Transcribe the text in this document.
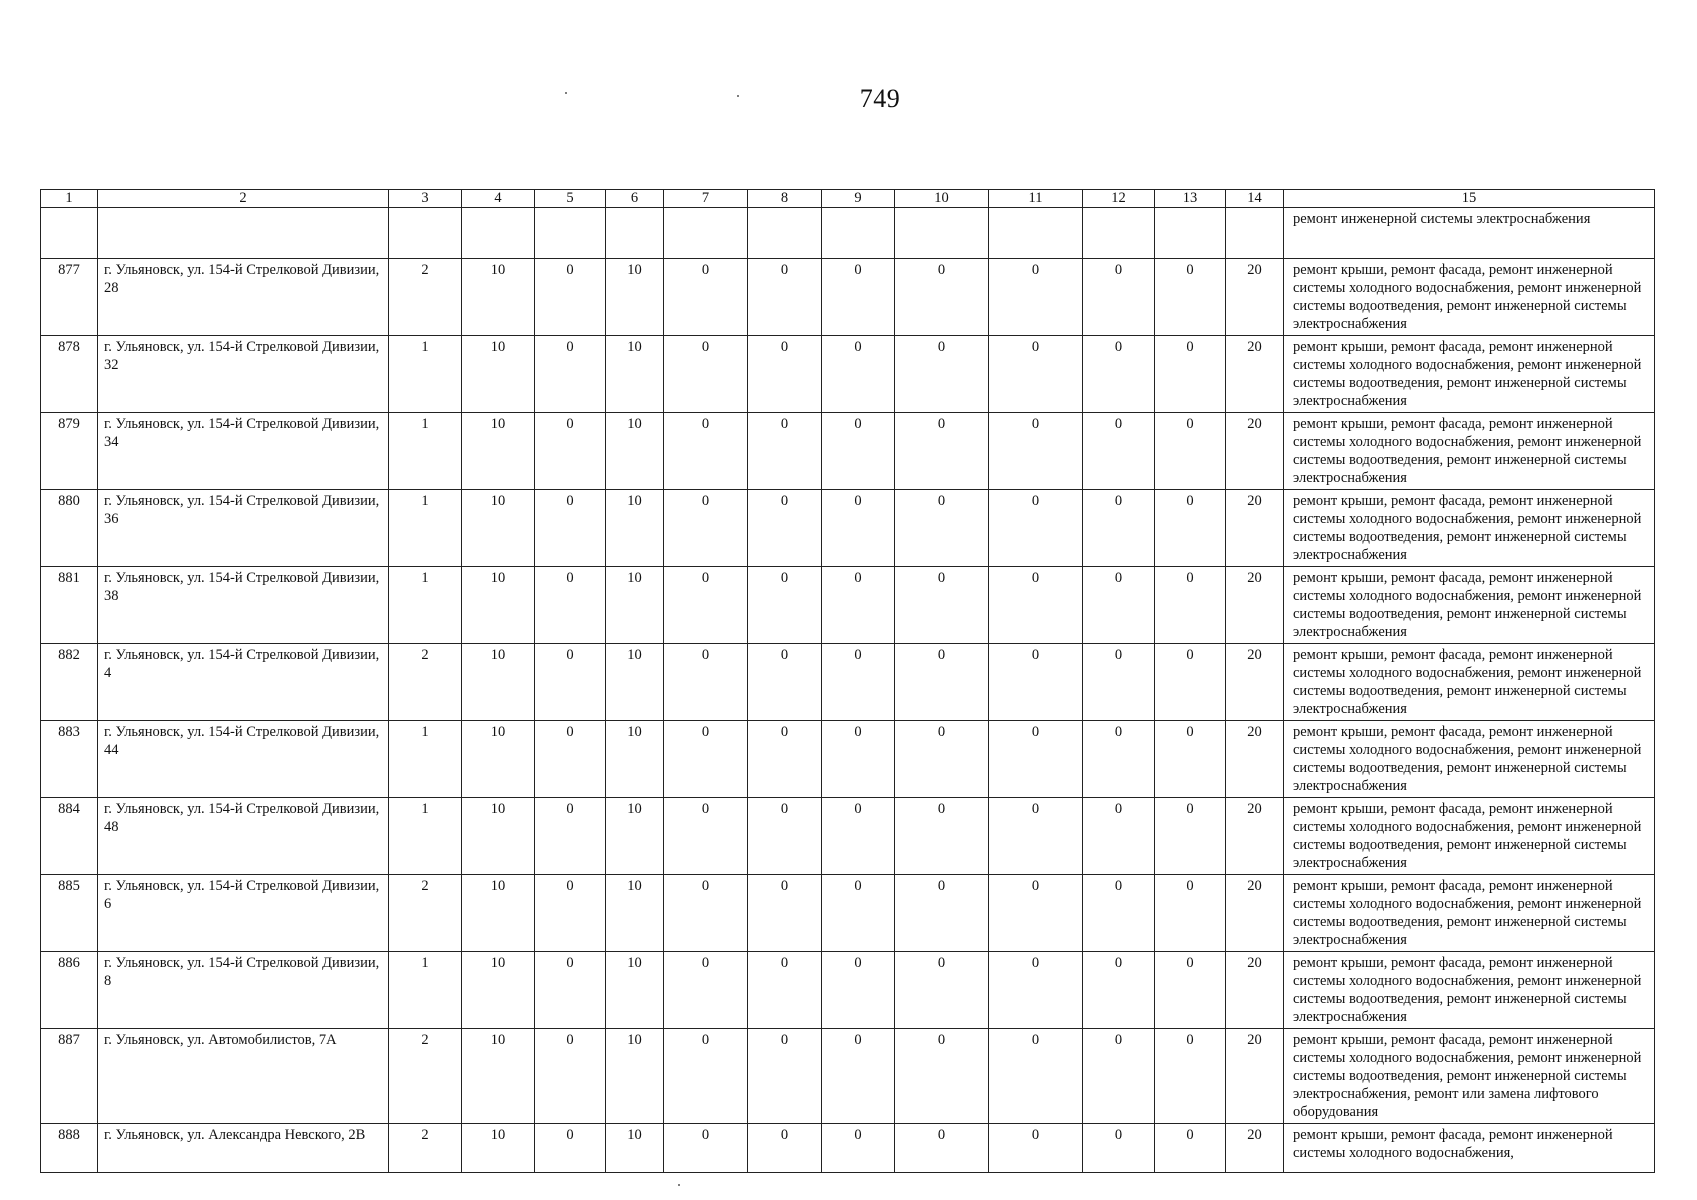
749
1	2	3	4	5	6	7	8	9	10	11	12	13	14	15
														ремонт инженерной системы электроснабжения
877	г. Ульяновск, ул. 154-й Стрелковой Дивизии, 28	2	10	0	10	0	0	0	0	0	0	0	20	ремонт крыши, ремонт фасада, ремонт инженерной системы холодного водоснабжения, ремонт инженерной системы водоотведения, ремонт инженерной системы электроснабжения
878	г. Ульяновск, ул. 154-й Стрелковой Дивизии, 32	1	10	0	10	0	0	0	0	0	0	0	20	ремонт крыши, ремонт фасада, ремонт инженерной системы холодного водоснабжения, ремонт инженерной системы водоотведения, ремонт инженерной системы электроснабжения
879	г. Ульяновск, ул. 154-й Стрелковой Дивизии, 34	1	10	0	10	0	0	0	0	0	0	0	20	ремонт крыши, ремонт фасада, ремонт инженерной системы холодного водоснабжения, ремонт инженерной системы водоотведения, ремонт инженерной системы электроснабжения
880	г. Ульяновск, ул. 154-й Стрелковой Дивизии, 36	1	10	0	10	0	0	0	0	0	0	0	20	ремонт крыши, ремонт фасада, ремонт инженерной системы холодного водоснабжения, ремонт инженерной системы водоотведения, ремонт инженерной системы электроснабжения
881	г. Ульяновск, ул. 154-й Стрелковой Дивизии, 38	1	10	0	10	0	0	0	0	0	0	0	20	ремонт крыши, ремонт фасада, ремонт инженерной системы холодного водоснабжения, ремонт инженерной системы водоотведения, ремонт инженерной системы электроснабжения
882	г. Ульяновск, ул. 154-й Стрелковой Дивизии, 4	2	10	0	10	0	0	0	0	0	0	0	20	ремонт крыши, ремонт фасада, ремонт инженерной системы холодного водоснабжения, ремонт инженерной системы водоотведения, ремонт инженерной системы электроснабжения
883	г. Ульяновск, ул. 154-й Стрелковой Дивизии, 44	1	10	0	10	0	0	0	0	0	0	0	20	ремонт крыши, ремонт фасада, ремонт инженерной системы холодного водоснабжения, ремонт инженерной системы водоотведения, ремонт инженерной системы электроснабжения
884	г. Ульяновск, ул. 154-й Стрелковой Дивизии, 48	1	10	0	10	0	0	0	0	0	0	0	20	ремонт крыши, ремонт фасада, ремонт инженерной системы холодного водоснабжения, ремонт инженерной системы водоотведения, ремонт инженерной системы электроснабжения
885	г. Ульяновск, ул. 154-й Стрелковой Дивизии, 6	2	10	0	10	0	0	0	0	0	0	0	20	ремонт крыши, ремонт фасада, ремонт инженерной системы холодного водоснабжения, ремонт инженерной системы водоотведения, ремонт инженерной системы электроснабжения
886	г. Ульяновск, ул. 154-й Стрелковой Дивизии, 8	1	10	0	10	0	0	0	0	0	0	0	20	ремонт крыши, ремонт фасада, ремонт инженерной системы холодного водоснабжения, ремонт инженерной системы водоотведения, ремонт инженерной системы электроснабжения
887	г. Ульяновск, ул. Автомобилистов, 7А	2	10	0	10	0	0	0	0	0	0	0	20	ремонт крыши, ремонт фасада, ремонт инженерной системы холодного водоснабжения, ремонт инженерной системы водоотведения, ремонт инженерной системы электроснабжения, ремонт или замена лифтового оборудования
888	г. Ульяновск, ул. Александра Невского, 2В	2	10	0	10	0	0	0	0	0	0	0	20	ремонт крыши, ремонт фасада, ремонт инженерной системы холодного водоснабжения,
